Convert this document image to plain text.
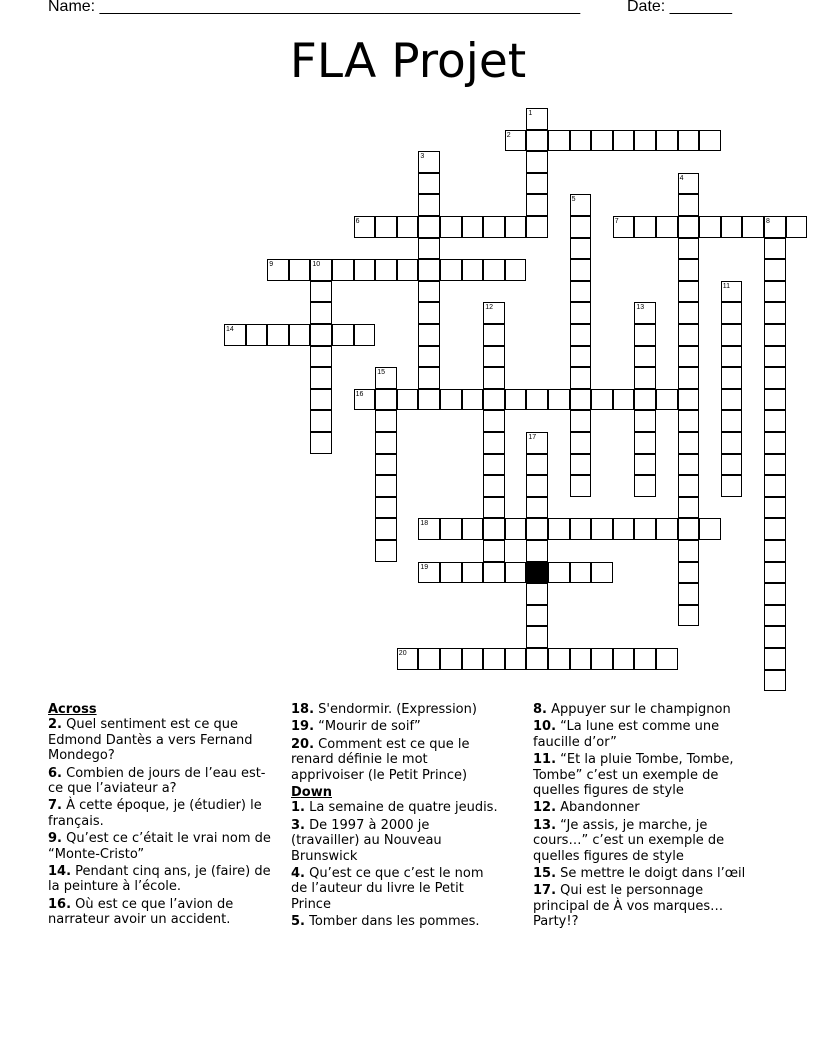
Name: ______________________________________________________	Date: _______
FLA Projet
1
2
3
4
5
6	7	8
9	10
11
12	13
14
15
16
17
18
19
20
Across
2. Quel sentiment est ce que Edmond Dantès a vers Fernand Mondego?
6. Combien de jours de l’eau est-ce que l’aviateur a?
7. À cette époque, je (étudier) le français.
9. Qu’est ce c’était le vrai nom de “Monte-Cristo”
14. Pendant cinq ans, je (faire) de la peinture à l’école.
16. Où est ce que l’avion de narrateur avoir un accident.
18. S'endormir. (Expression)
19. “Mourir de soif”
20. Comment est ce que le renard définie le mot apprivoiser (le Petit Prince)
Down
1. La semaine de quatre jeudis.
3. De 1997 à 2000 je (travailler) au Nouveau Brunswick
4. Qu’est ce que c’est le nom de l’auteur du livre le Petit Prince
5. Tomber dans les pommes.
8. Appuyer sur le champignon
10. “La lune est comme une faucille d’or”
11. “Et la pluie Tombe, Tombe, Tombe” c’est un exemple de quelles figures de style
12. Abandonner
13. “Je assis, je marche, je cours…” c’est un exemple de quelles figures de style
15. Se mettre le doigt dans l’œil
17. Qui est le personnage principal de À vos marques… Party!?
